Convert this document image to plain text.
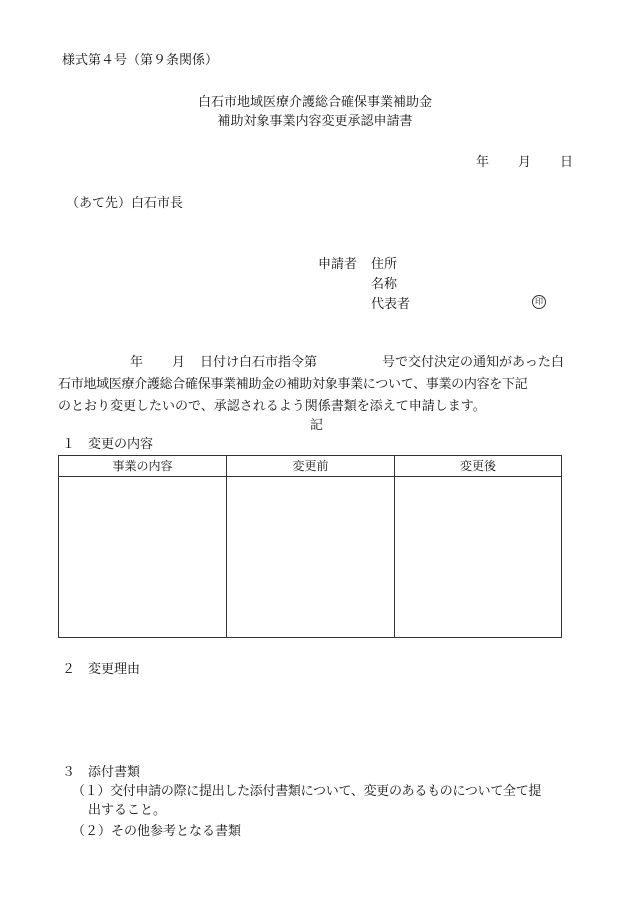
様式第４号（第９条関係）
白石市地域医療介護総合確保事業補助金
補助対象事業内容変更承認申請書
年 月 日
（あて先）白石市長
申請者 住所
名称
代表者	印
年 月 日付け白石市指令第	号で交付決定の通知があった白
石市地域医療介護総合確保事業補助金の補助対象事業について、事業の内容を下記
のとおり変更したいので、承認されるよう関係書類を添えて申請します。
記
１　変更の内容
事業の内容	変更前	変更後
２　変更理由
３　添付書類
（１）交付申請の際に提出した添付書類について、変更のあるものについて全て提
出すること。
（２）その他参考となる書類
